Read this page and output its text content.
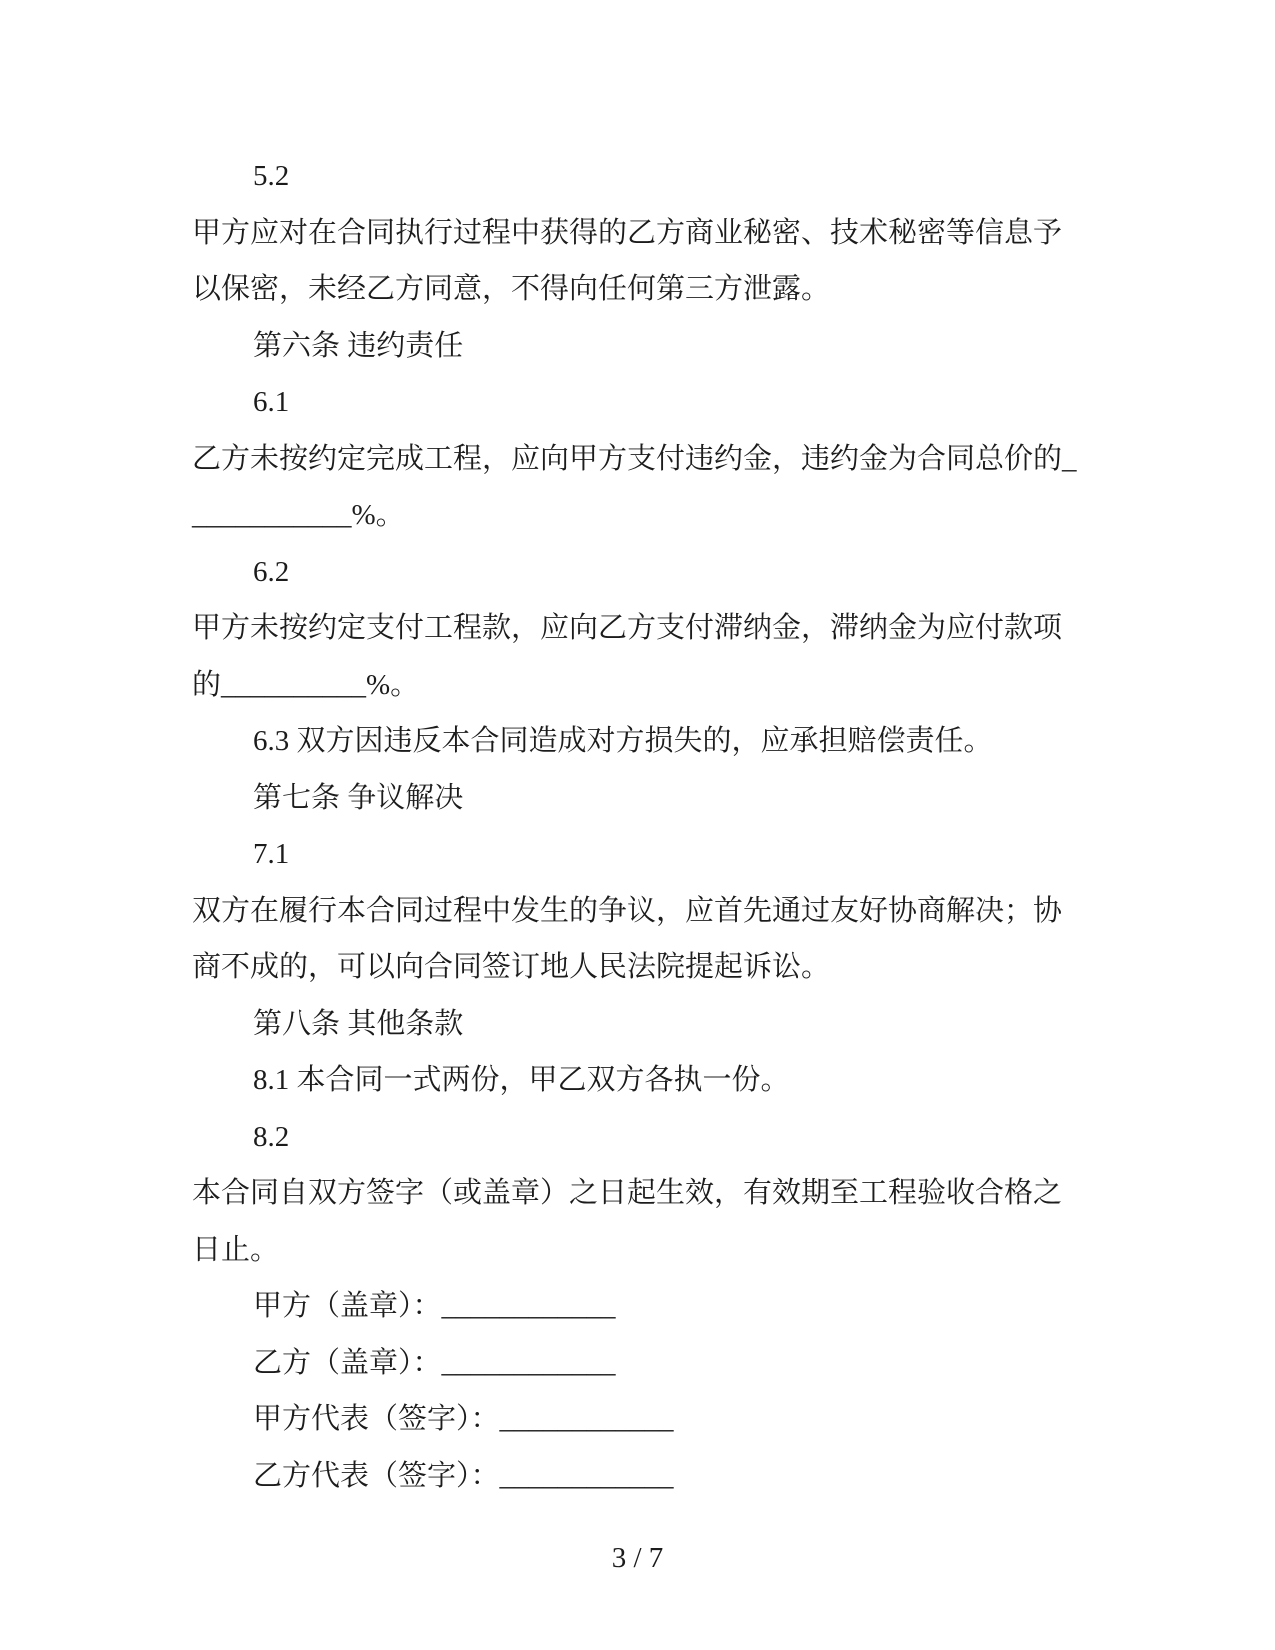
5.2
甲方应对在合同执行过程中获得的乙方商业秘密、技术秘密等信息予
以保密，未经乙方同意，不得向任何第三方泄露。
第六条 违约责任
6.1
乙方未按约定完成工程，应向甲方支付违约金，违约金为合同总价的_
___________%。
6.2
甲方未按约定支付工程款，应向乙方支付滞纳金，滞纳金为应付款项
的__________%。
6.3 双方因违反本合同造成对方损失的，应承担赔偿责任。
第七条 争议解决
7.1
双方在履行本合同过程中发生的争议，应首先通过友好协商解决；协
商不成的，可以向合同签订地人民法院提起诉讼。
第八条 其他条款
8.1 本合同一式两份，甲乙双方各执一份。
8.2
本合同自双方签字（或盖章）之日起生效，有效期至工程验收合格之
日止。
甲方（盖章）：____________
乙方（盖章）：____________
甲方代表（签字）：____________
乙方代表（签字）：____________
3 / 7
